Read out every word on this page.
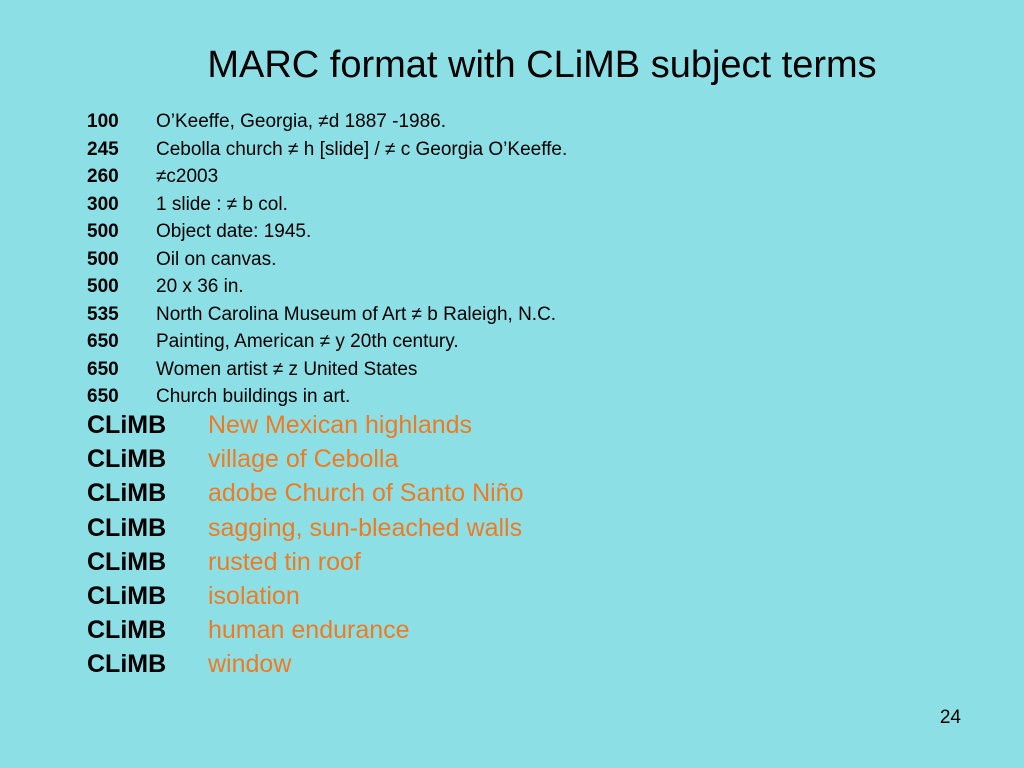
MARC format with CLiMB subject terms
100	O’Keeffe, Georgia, ≠d 1887 -1986.
245	Cebolla church ≠ h [slide] / ≠ c Georgia O’Keeffe.
260	≠c2003
300	1 slide : ≠ b col.
500	Object date: 1945.
500	Oil on canvas.
500	20 x 36 in.
535	North Carolina Museum of Art ≠ b Raleigh, N.C.
650	Painting, American ≠ y 20th century.
650	Women artist ≠ z United States
650	Church buildings in art.
CLiMB	New Mexican highlands
CLiMB	village of Cebolla
CLiMB	adobe Church of Santo Niño
CLiMB	sagging, sun-bleached walls
CLiMB	rusted tin roof
CLiMB	isolation
CLiMB	human endurance
CLiMB	window
24
